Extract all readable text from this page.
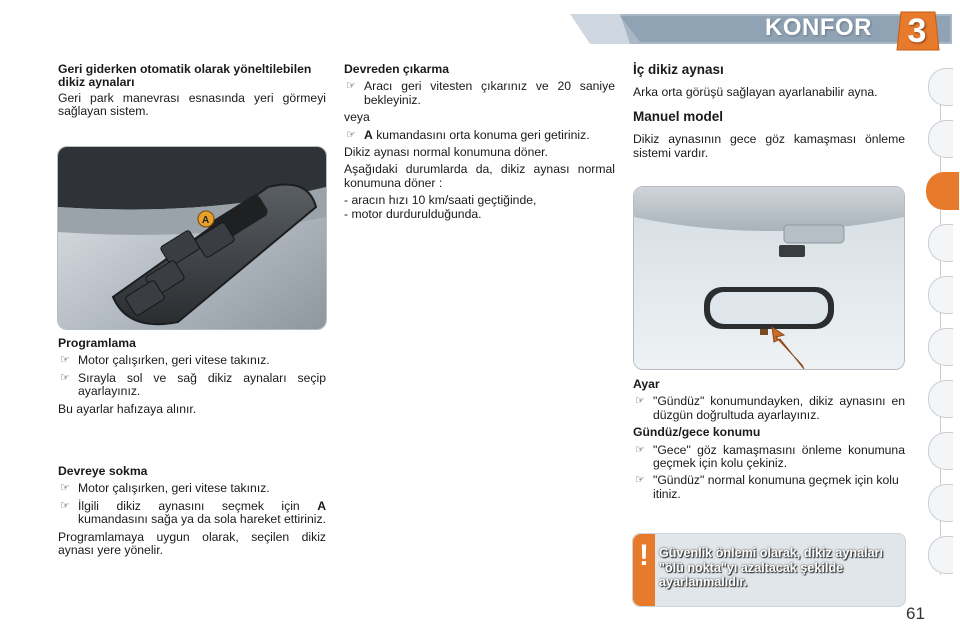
KONFOR 3

Geri giderken otomatik olarak yöneltilebilen dikiz aynaları

Geri park manevrası esnasında yeri görmeyi sağlayan sistem.

A

Programlama

☞ Motor çalışırken, geri vitese takınız.

☞ Sırayla sol ve sağ dikiz aynaları seçip ayarlayınız.

Bu ayarlar hafızaya alınır.

Devreye sokma

☞ Motor çalışırken, geri vitese takınız.

☞ İlgili dikiz aynasını seçmek için A kumandasını sağa ya da sola hareket ettiriniz.

Programlamaya uygun olarak, seçilen dikiz aynası yere yönelir.

Devreden çıkarma

☞ Aracı geri vitesten çıkarınız ve 20 saniye bekleyiniz.

veya

☞ A kumandasını orta konuma geri getiriniz.

Dikiz aynası normal konumuna döner.

Aşağıdaki durumlarda da, dikiz aynası normal konumuna döner :

- aracın hızı 10 km/saati geçtiğinde,

- motor durdurulduğunda.

İç dikiz aynası

Arka orta görüşü sağlayan ayarlanabilir ayna.

Manuel model

Dikiz aynasının gece göz kamaşması önleme sistemi vardır.

Ayar

☞ "Gündüz" konumundayken, dikiz aynasını en düzgün doğrultuda ayarlayınız.

Gündüz/gece konumu

☞ "Gece" göz kamaşmasını önleme konumuna geçmek için kolu çekiniz.

☞ "Gündüz" normal konumuna geçmek için kolu itiniz.

! Güvenlik önlemi olarak, dikiz aynaları "ölü nokta"yı azaltacak şekilde ayarlanmalıdır.
61
